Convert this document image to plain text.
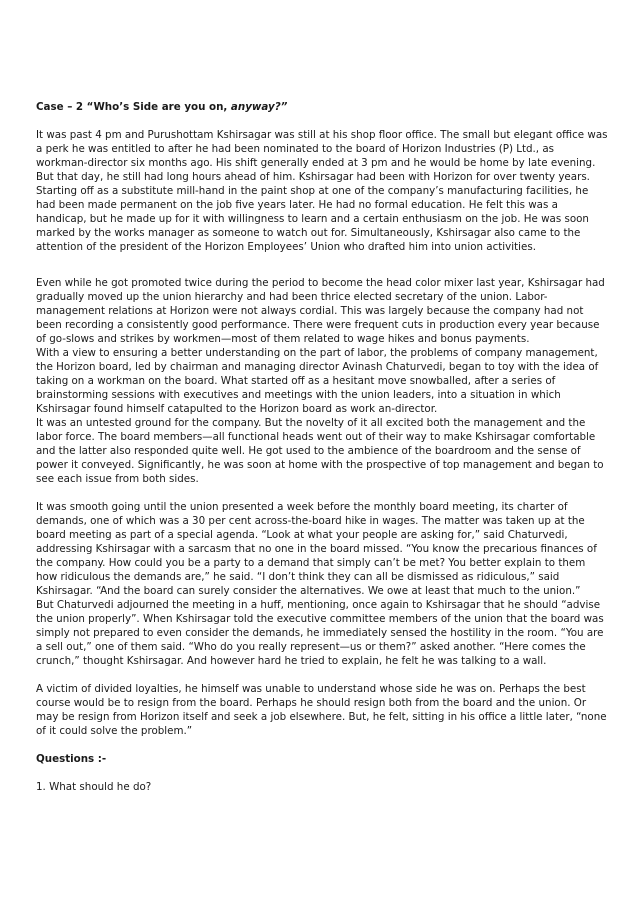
Case – 2 “Who’s Side are you on, anyway?”

It was past 4 pm and Purushottam Kshirsagar was still at his shop floor office. The small but elegant office was a perk he was entitled to after he had been nominated to the board of Horizon Industries (P) Ltd., as workman-director six months ago. His shift generally ended at 3 pm and he would be home by late evening. But that day, he still had long hours ahead of him. Kshirsagar had been with Horizon for over twenty years. Starting off as a substitute mill-hand in the paint shop at one of the company’s manufacturing facilities, he had been made permanent on the job five years later. He had no formal education. He felt this was a handicap, but he made up for it with willingness to learn and a certain enthusiasm on the job. He was soon marked by the works manager as someone to watch out for. Simultaneously, Kshirsagar also came to the attention of the president of the Horizon Employees’ Union who drafted him into union activities.

Even while he got promoted twice during the period to become the head color mixer last year, Kshirsagar had gradually moved up the union hierarchy and had been thrice elected secretary of the union. Labor-management relations at Horizon were not always cordial. This was largely because the company had not been recording a consistently good performance. There were frequent cuts in production every year because of go-slows and strikes by workmen—most of them related to wage hikes and bonus payments.

With a view to ensuring a better understanding on the part of labor, the problems of company management, the Horizon board, led by chairman and managing director Avinash Chaturvedi, began to toy with the idea of taking on a workman on the board. What started off as a hesitant move snowballed, after a series of brainstorming sessions with executives and meetings with the union leaders, into a situation in which Kshirsagar found himself catapulted to the Horizon board as work an-director.

It was an untested ground for the company. But the novelty of it all excited both the management and the labor force. The board members—all functional heads went out of their way to make Kshirsagar comfortable and the latter also responded quite well. He got used to the ambience of the boardroom and the sense of power it conveyed. Significantly, he was soon at home with the prospective of top management and began to see each issue from both sides.

It was smooth going until the union presented a week before the monthly board meeting, its charter of demands, one of which was a 30 per cent across-the-board hike in wages. The matter was taken up at the board meeting as part of a special agenda. “Look at what your people are asking for,” said Chaturvedi, addressing Kshirsagar with a sarcasm that no one in the board missed. “You know the precarious finances of the company. How could you be a party to a demand that simply can’t be met? You better explain to them how ridiculous the demands are,” he said. “I don’t think they can all be dismissed as ridiculous,” said Kshirsagar. “And the board can surely consider the alternatives. We owe at least that much to the union.”

But Chaturvedi adjourned the meeting in a huff, mentioning, once again to Kshirsagar that he should “advise the union properly”. When Kshirsagar told the executive committee members of the union that the board was simply not prepared to even consider the demands, he immediately sensed the hostility in the room. “You are a sell out,” one of them said. “Who do you really represent—us or them?” asked another. “Here comes the crunch,” thought Kshirsagar. And however hard he tried to explain, he felt he was talking to a wall.

A victim of divided loyalties, he himself was unable to understand whose side he was on. Perhaps the best course would be to resign from the board. Perhaps he should resign both from the board and the union. Or may be resign from Horizon itself and seek a job elsewhere. But, he felt, sitting in his office a little later, “none of it could solve the problem.”

Questions :-
1. What should he do?
